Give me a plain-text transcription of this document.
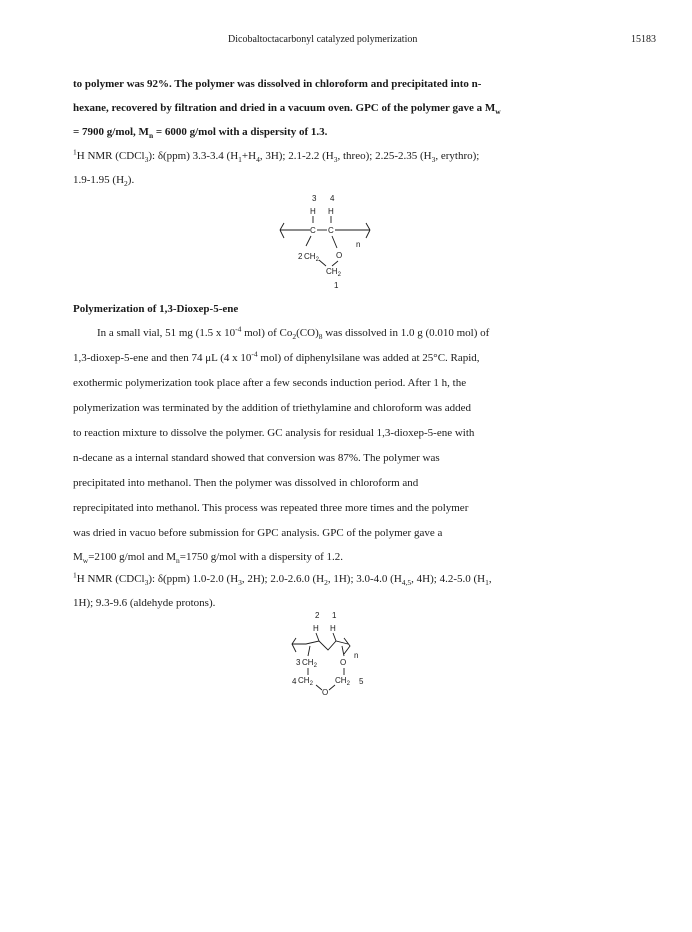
Dicobaltoctacarbonyl catalyzed polymerization	15183
to polymer was 92%. The polymer was dissolved in chloroform and precipitated into n-
hexane, recovered by filtration and dried in a vacuum oven. GPC of the polymer gave a $M_w$
= 7900 g/mol, $M_n = 6000$ g/mol with a dispersity of 1.3.
$^1$H NMR (CDCl$_3$): δ(ppm) 3.3-3.4 ($H_1+H_4$, 3H); 2.1-2.2 ($H_3$, threo); 2.25-2.35 ($H_3$, erythro);
1.9-1.95 $(H_2)$.
3 4
H H
C C
n
2 $CH_2$ O
$CH_2$
1
Polymerization of 1,3-Dioxep-5-ene
In a small vial, 51 mg (1.5 x $10^{-4}$ mol) of $Co_2(CO)_8$ was dissolved in 1.0 g (0.010 mol) of
1,3-dioxep-5-ene and then 74 μL (4 x $10^{-4}$ mol) of diphenylsilane was added at 25°C. Rapid,
exothermic polymerization took place after a few seconds induction period. After 1 h, the
polymerization was terminated by the addition of triethylamine and chloroform was added
to reaction mixture to dissolve the polymer. GC analysis for residual 1,3-dioxep-5-ene with
n-decane as a internal standard showed that conversion was 87%. The polymer was
precipitated into methanol. Then the polymer was dissolved in chloroform and
reprecipitated into methanol. This process was repeated three more times and the polymer
was dried in vacuo before submission for GPC analysis. GPC of the polymer gave a
$M_w=2100$ g/mol and $M_n=1750$ g/mol with a dispersity of 1.2.
$^1$H NMR (CDCl$_3$): δ(ppm) 1.0-2.0 ($H_3$, 2H); 2.0-2.6.0 ($H_2$, 1H); 3.0-4.0 ($H_{4,5}$, 4H); 4.2-5.0 ($H_1$,
1H); 9.3-9.6 (aldehyde protons).
2 1
H H
n
3 $CH_2$	O
4 $CH_2$
O
$CH_2$ 5
